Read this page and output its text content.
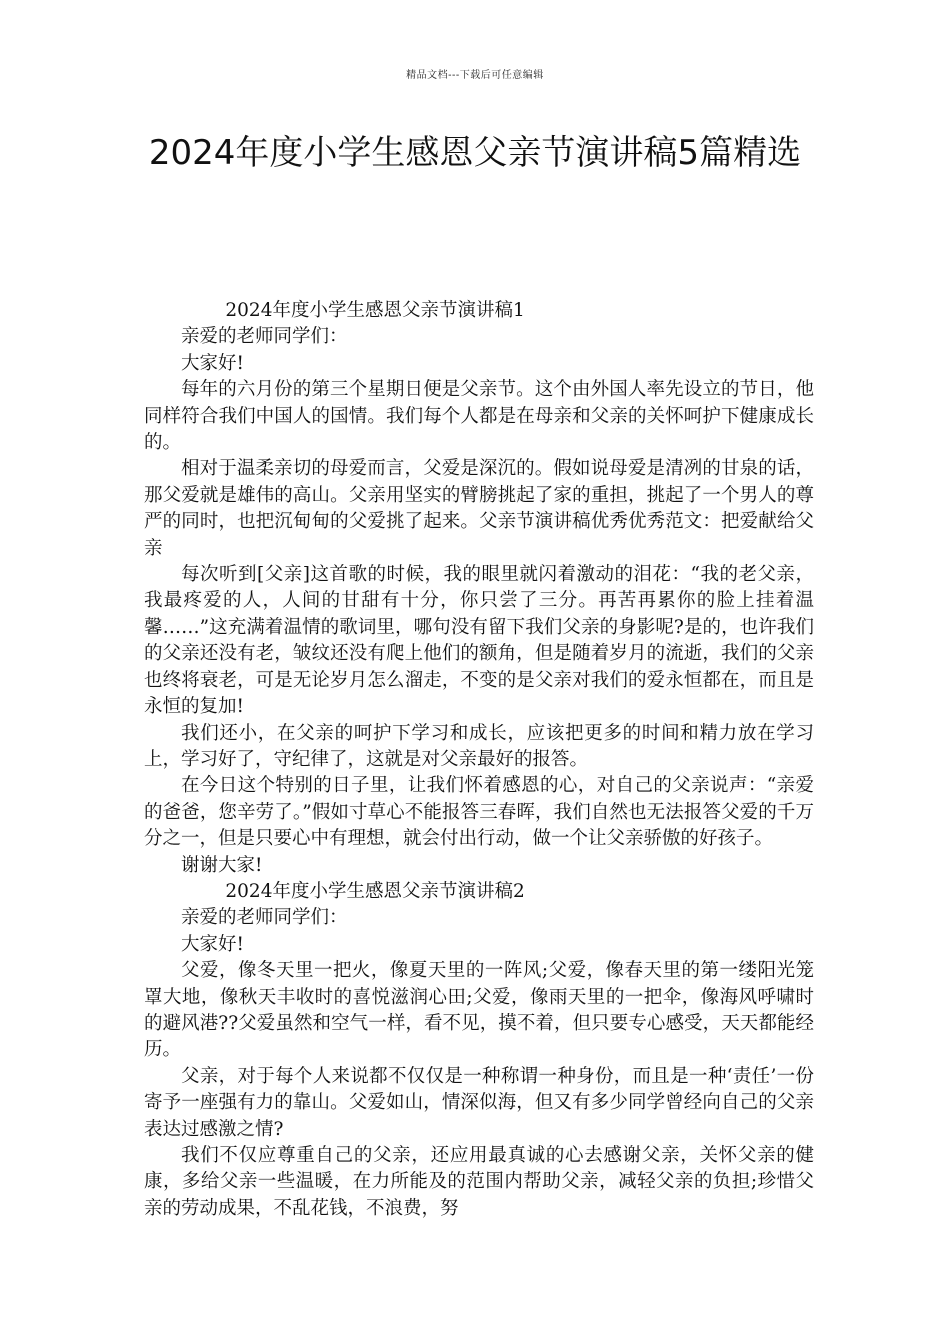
精品文档---下载后可任意编辑
2024年度小学生感恩父亲节演讲稿5篇精选

2024年度小学生感恩父亲节演讲稿1

亲爱的老师同学们：

大家好!

每年的六月份的第三个星期日便是父亲节。这个由外国人率先设立的节日，他同样符合我们中国人的国情。我们每个人都是在母亲和父亲的关怀呵护下健康成长的。

相对于温柔亲切的母爱而言，父爱是深沉的。假如说母爱是清冽的甘泉的话，那父爱就是雄伟的高山。父亲用坚实的臂膀挑起了家的重担，挑起了一个男人的尊严的同时，也把沉甸甸的父爱挑了起来。父亲节演讲稿优秀优秀范文：把爱献给父亲

每次听到[父亲]这首歌的时候，我的眼里就闪着激动的泪花：“我的老父亲，我最疼爱的人，人间的甘甜有十分，你只尝了三分。再苦再累你的脸上挂着温馨……”这充满着温情的歌词里，哪句没有留下我们父亲的身影呢?是的，也许我们的父亲还没有老，皱纹还没有爬上他们的额角，但是随着岁月的流逝，我们的父亲也终将衰老，可是无论岁月怎么溜走，不变的是父亲对我们的爱永恒都在，而且是永恒的复加!

我们还小，在父亲的呵护下学习和成长，应该把更多的时间和精力放在学习上，学习好了，守纪律了，这就是对父亲最好的报答。

在今日这个特别的日子里，让我们怀着感恩的心，对自己的父亲说声：“亲爱的爸爸，您辛劳了。”假如寸草心不能报答三春晖，我们自然也无法报答父爱的千万分之一，但是只要心中有理想，就会付出行动，做一个让父亲骄傲的好孩子。

谢谢大家!

2024年度小学生感恩父亲节演讲稿2

亲爱的老师同学们：

大家好!

父爱，像冬天里一把火，像夏天里的一阵风;父爱，像春天里的第一缕阳光笼罩大地，像秋天丰收时的喜悦滋润心田;父爱，像雨天里的一把伞，像海风呼啸时的避风港??父爱虽然和空气一样，看不见，摸不着，但只要专心感受，天天都能经历。

父亲，对于每个人来说都不仅仅是一种称谓一种身份，而且是一种‘责任’一份寄予一座强有力的靠山。父爱如山，情深似海，但又有多少同学曾经向自己的父亲表达过感激之情?

我们不仅应尊重自己的父亲，还应用最真诚的心去感谢父亲，关怀父亲的健康，多给父亲一些温暖，在力所能及的范围内帮助父亲，减轻父亲的负担;珍惜父亲的劳动成果，不乱花钱，不浪费，努
